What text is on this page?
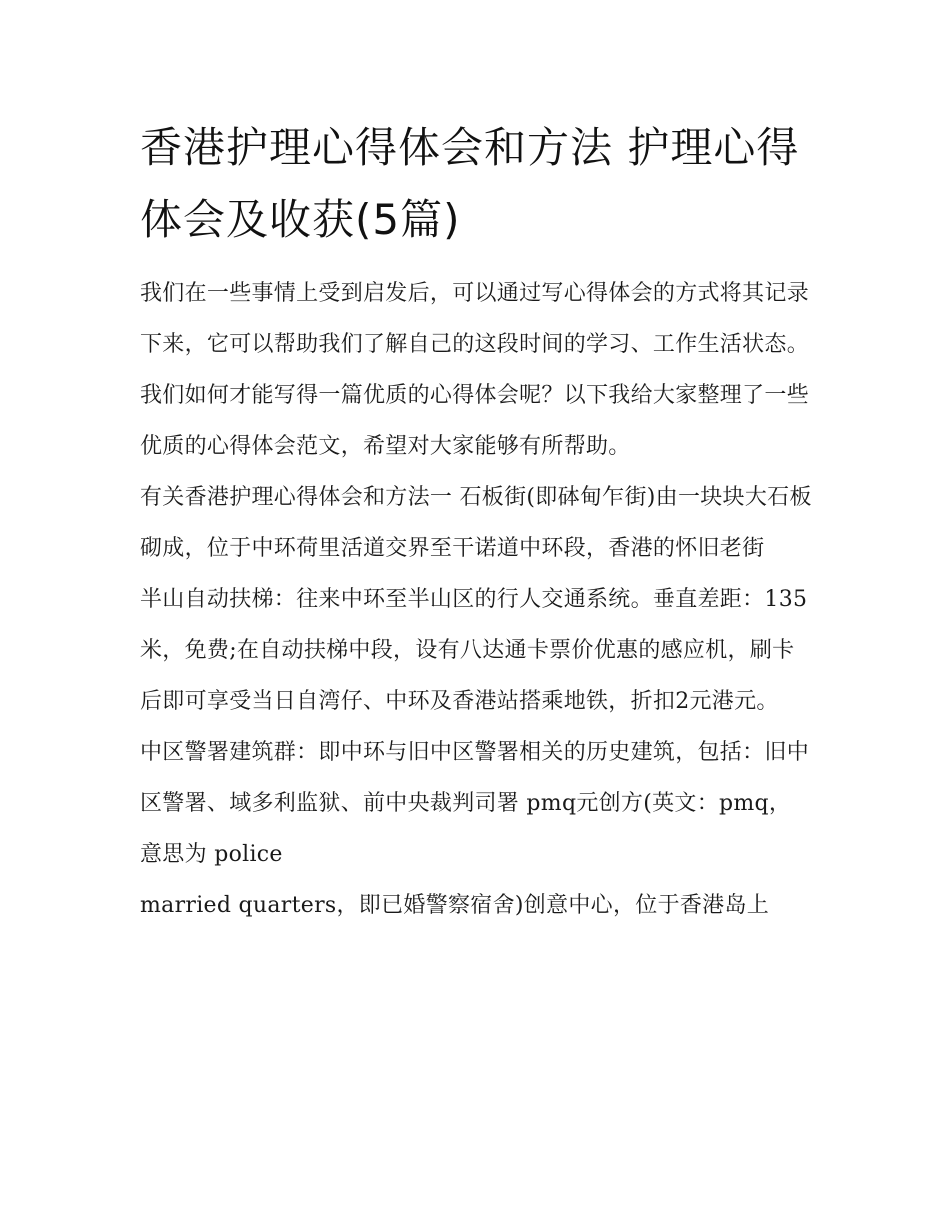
香港护理心得体会和方法 护理心得体会及收获(5篇)

我们在一些事情上受到启发后，可以通过写心得体会的方式将其记录下来，它可以帮助我们了解自己的这段时间的学习、工作生活状态。我们如何才能写得一篇优质的心得体会呢？以下我给大家整理了一些优质的心得体会范文，希望对大家能够有所帮助。

有关香港护理心得体会和方法一 石板街(即砵甸乍街)由一块块大石板砌成，位于中环荷里活道交界至干诺道中环段，香港的怀旧老街

半山自动扶梯：往来中环至半山区的行人交通系统。垂直差距：135米，免费;在自动扶梯中段，设有八达通卡票价优惠的感应机，刷卡后即可享受当日自湾仔、中环及香港站搭乘地铁，折扣2元港元。

中区警署建筑群：即中环与旧中区警署相关的历史建筑，包括：旧中区警署、域多利监狱、前中央裁判司署 pmq元创方(英文：pmq，意思为 police

married quarters，即已婚警察宿舍)创意中心，位于香港岛上
